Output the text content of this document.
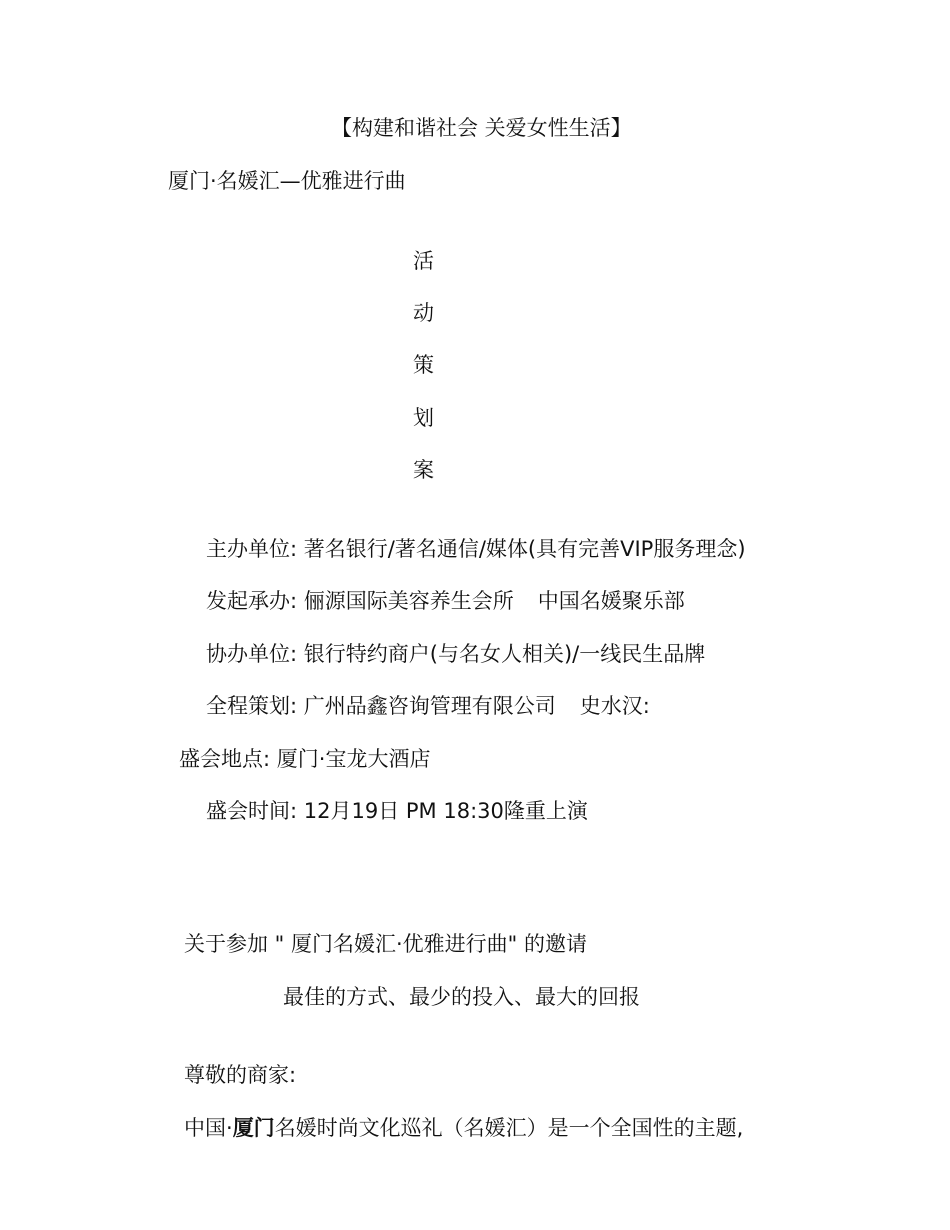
【构建和谐社会 关爱女性生活】
厦门·名媛汇—优雅进行曲
活
动
策
划
案
主办单位: 著名银行/著名通信/媒体(具有完善VIP服务理念)
发起承办: 俪源国际美容养生会所 中国名媛聚乐部
协办单位: 银行特约商户(与名女人相关)/一线民生品牌
全程策划: 广州品鑫咨询管理有限公司 史水汉:
盛会地点: 厦门·宝龙大酒店
盛会时间: 12月19日 PM 18:30隆重上演
关于参加 " 厦门名媛汇·优雅进行曲" 的邀请
最佳的方式、最少的投入、最大的回报
尊敬的商家:
中国·厦门名媛时尚文化巡礼（名媛汇）是一个全国性的主题,
